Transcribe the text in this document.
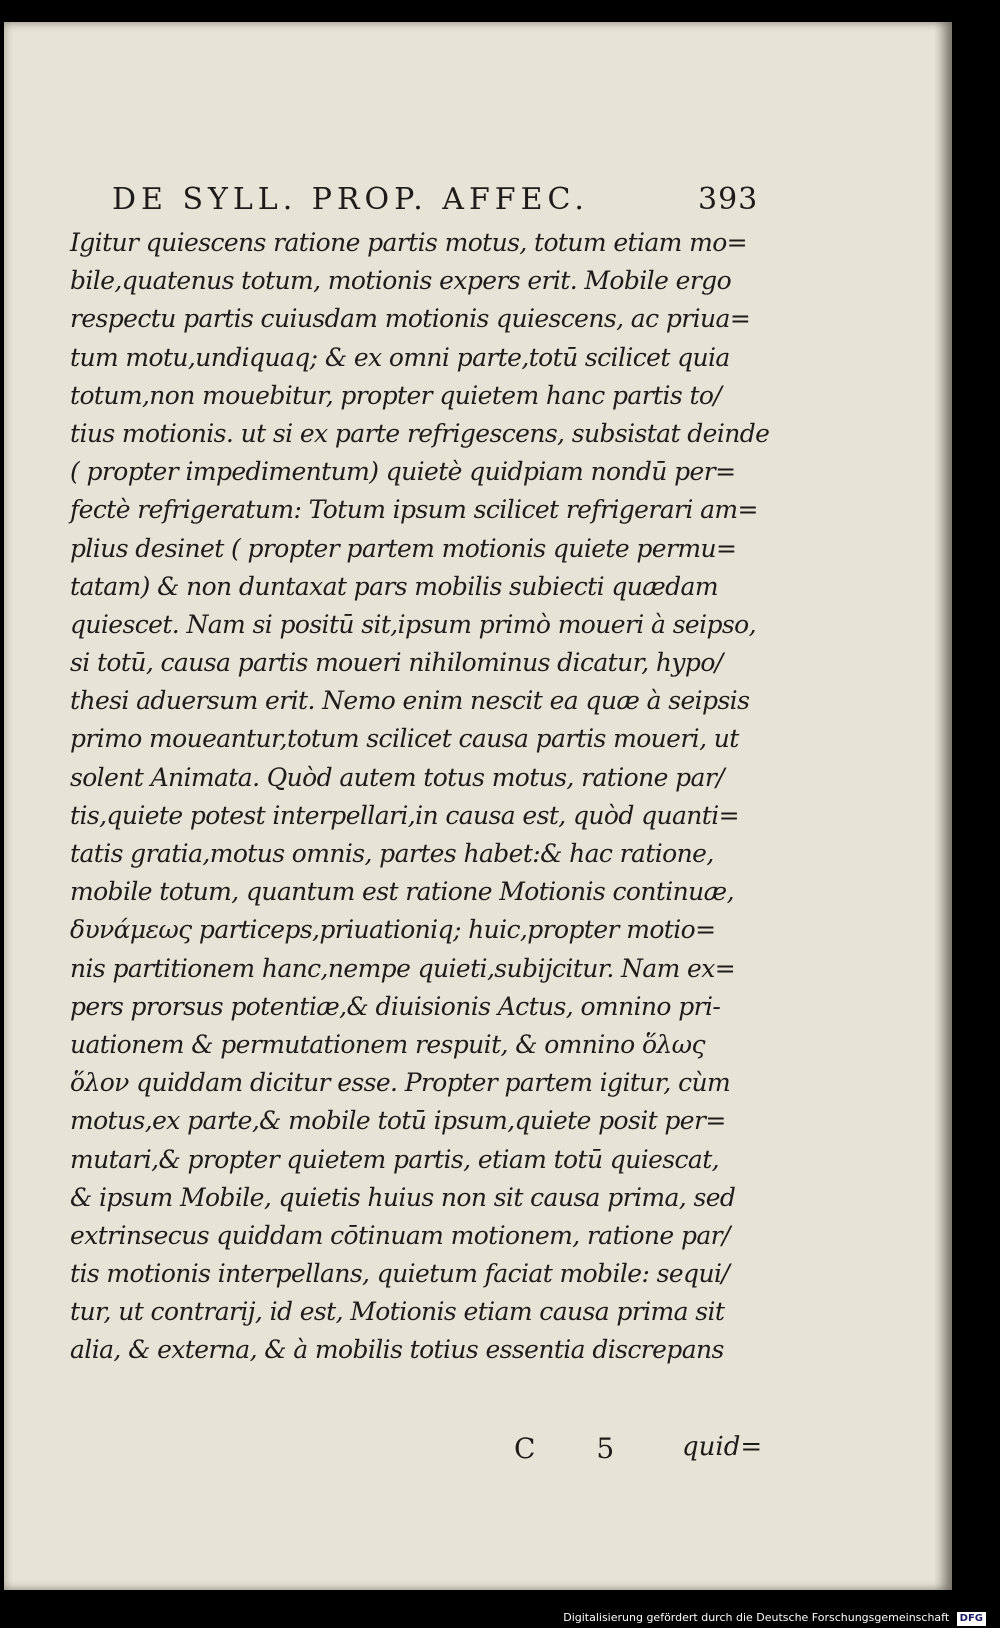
DE SYLL. PROP. AFFEC.	393
Igitur quiescens ratione partis motus, totum etiam mo=
bile,quatenus totum, motionis expers erit. Mobile ergo
respectu partis cuiusdam motionis quiescens, ac priua=
tum motu,undiquaq; & ex omni parte,totū scilicet quia
totum,non mouebitur, propter quietem hanc partis to/
tius motionis. ut si ex parte refrigescens, subsistat deinde
( propter impedimentum) quietè quidpiam nondū per=
fectè refrigeratum: Totum ipsum scilicet refrigerari am=
plius desinet ( propter partem motionis quiete permu=
tatam) & non duntaxat pars mobilis subiecti quædam
quiescet. Nam si positū sit,ipsum primò moueri à seipso,
si totū, causa partis moueri nihilominus dicatur, hypo/
thesi aduersum erit. Nemo enim nescit ea quæ à seipsis
primo moueantur,totum scilicet causa partis moueri, ut
solent Animata. Quòd autem totus motus, ratione par/
tis,quiete potest interpellari,in causa est, quòd quanti=
tatis gratia,motus omnis, partes habet:& hac ratione,
mobile totum, quantum est ratione Motionis continuæ,
δυνάμεως particeps,priuationiq; huic,propter motio=
nis partitionem hanc,nempe quieti,subijcitur. Nam ex=
pers prorsus potentiæ,& diuisionis Actus, omnino pri-
uationem & permutationem respuit, & omnino ὅλως
ὅλον quiddam dicitur esse. Propter partem igitur, cùm
motus,ex parte,& mobile totū ipsum,quiete posit per=
mutari,& propter quietem partis, etiam totū quiescat,
& ipsum Mobile, quietis huius non sit causa prima, sed
extrinsecus quiddam cōtinuam motionem, ratione par/
tis motionis interpellans, quietum faciat mobile: sequi/
tur, ut contrarij, id est, Motionis etiam causa prima sit
alia, & externa, & à mobilis totius essentia discrepans
C 5 quid=
Digitalisierung gefördert durch die Deutsche Forschungsgemeinschaft DFG
